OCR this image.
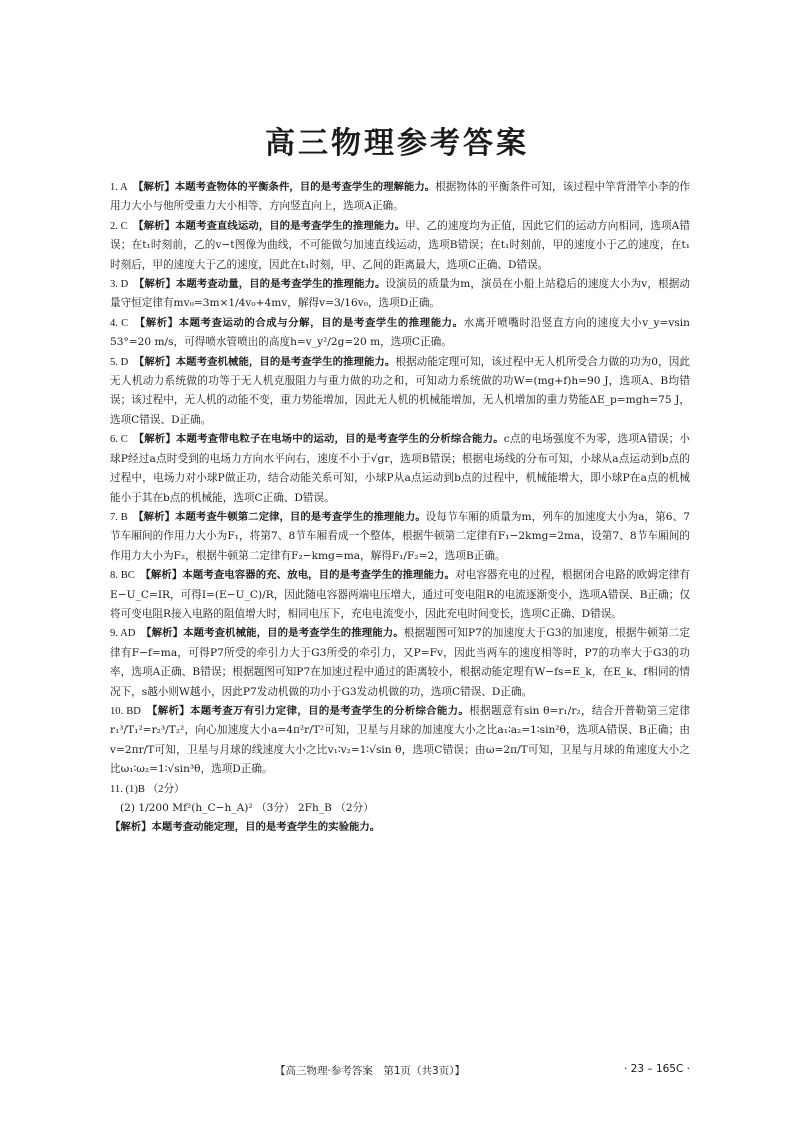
高三物理参考答案

1. A　 【解析】本题考查物体的平衡条件，目的是考查学生的理解能力。根据物体的平衡条件可知，该过程中竿背滑竿小李的作用力大小与他所受重力大小相等、方向竖直向上，选项A正确。

2. C　 【解析】本题考查直线运动，目的是考查学生的推理能力。甲、乙的速度均为正值，因此它们的运动方向相同，选项A错误；在t₁时刻前，乙的v−t图像为曲线，不可能做匀加速直线运动，选项B错误；在t₁时刻前，甲的速度小于乙的速度，在t₁时刻后，甲的速度大于乙的速度，因此在t₁时刻，甲、乙间的距离最大，选项C正确、D错误。

3. D　 【解析】本题考查动量，目的是考查学生的推理能力。设演员的质量为m，演员在小船上站稳后的速度大小为v，根据动量守恒定律有mv₀=3m×1/4v₀+4mv，解得v=3/16v₀，选项D正确。

4. C　 【解析】本题考查运动的合成与分解，目的是考查学生的推理能力。水离开喷嘴时沿竖直方向的速度大小v_y=vsin 53°=20 m/s，可得喷水管喷出的高度h=v_y²/2g=20 m，选项C正确。

5. D　 【解析】本题考查机械能，目的是考查学生的推理能力。根据动能定理可知，该过程中无人机所受合力做的功为0，因此无人机动力系统做的功等于无人机克服阻力与重力做的功之和，可知动力系统做的功W=(mg+f)h=90 J，选项A、B均错误；该过程中，无人机的动能不变，重力势能增加，因此无人机的机械能增加，无人机增加的重力势能ΔE_p=mgh=75 J，选项C错误、D正确。

6. C　 【解析】本题考查带电粒子在电场中的运动，目的是考查学生的分析综合能力。c点的电场强度不为零，选项A错误；小球P经过a点时受到的电场力方向水平向右，速度不小于√gr，选项B错误；根据电场线的分布可知，小球从a点运动到b点的过程中，电场力对小球P做正功，结合动能关系可知，小球P从a点运动到b点的过程中，机械能增大，即小球P在a点的机械能小于其在b点的机械能，选项C正确、D错误。

7. B　 【解析】本题考查牛顿第二定律，目的是考查学生的推理能力。设每节车厢的质量为m，列车的加速度大小为a，第6、7节车厢间的作用力大小为F₁，将第7、8节车厢看成一个整体，根据牛顿第二定律有F₁−2kmg=2ma，设第7、8节车厢间的作用力大小为F₂，根据牛顿第二定律有F₂−kmg=ma，解得F₁/F₂=2，选项B正确。

8. BC　 【解析】本题考查电容器的充、放电，目的是考查学生的推理能力。对电容器充电的过程，根据闭合电路的欧姆定律有E−U_C=IR，可得I=(E−U_C)/R，因此随电容器两端电压增大，通过可变电阻R的电流逐渐变小，选项A错误、B正确；仅将可变电阻R接入电路的阻值增大时，相同电压下，充电电流变小，因此充电时间变长，选项C正确、D错误。

9. AD　 【解析】本题考查机械能，目的是考查学生的推理能力。根据题图可知P7的加速度大于G3的加速度，根据牛顿第二定律有F−f=ma，可得P7所受的牵引力大于G3所受的牵引力，又P=Fv，因此当两车的速度相等时，P7的功率大于G3的功率，选项A正确、B错误；根据题图可知P7在加速过程中通过的距离较小，根据动能定理有W−fs=E_k，在E_k、f相同的情况下，s越小则W越小，因此P7发动机做的功小于G3发动机做的功，选项C错误、D正确。

10. BD　 【解析】本题考查万有引力定律，目的是考查学生的分析综合能力。根据题意有sin θ=r₁/r₂，结合开普勒第三定律r₁³/T₁²=r₂³/T₂²，向心加速度大小a=4π²r/T²可知，卫星与月球的加速度大小之比a₁∶a₂=1∶sin²θ，选项A错误、B正确；由v=2πr/T可知，卫星与月球的线速度大小之比v₁∶v₂=1∶√sin θ，选项C错误；由ω=2π/T可知，卫星与月球的角速度大小之比ω₁∶ω₂=1∶√sin³θ，选项D正确。

11. (1)B （2分）

(2) 1/200 Mf²(h_C−h_A)² （3分） 2Fh_B （2分）

【解析】本题考查动能定理，目的是考查学生的实验能力。

【高三物理·参考答案　第1页（共3页）】	· 23 – 165C ·
